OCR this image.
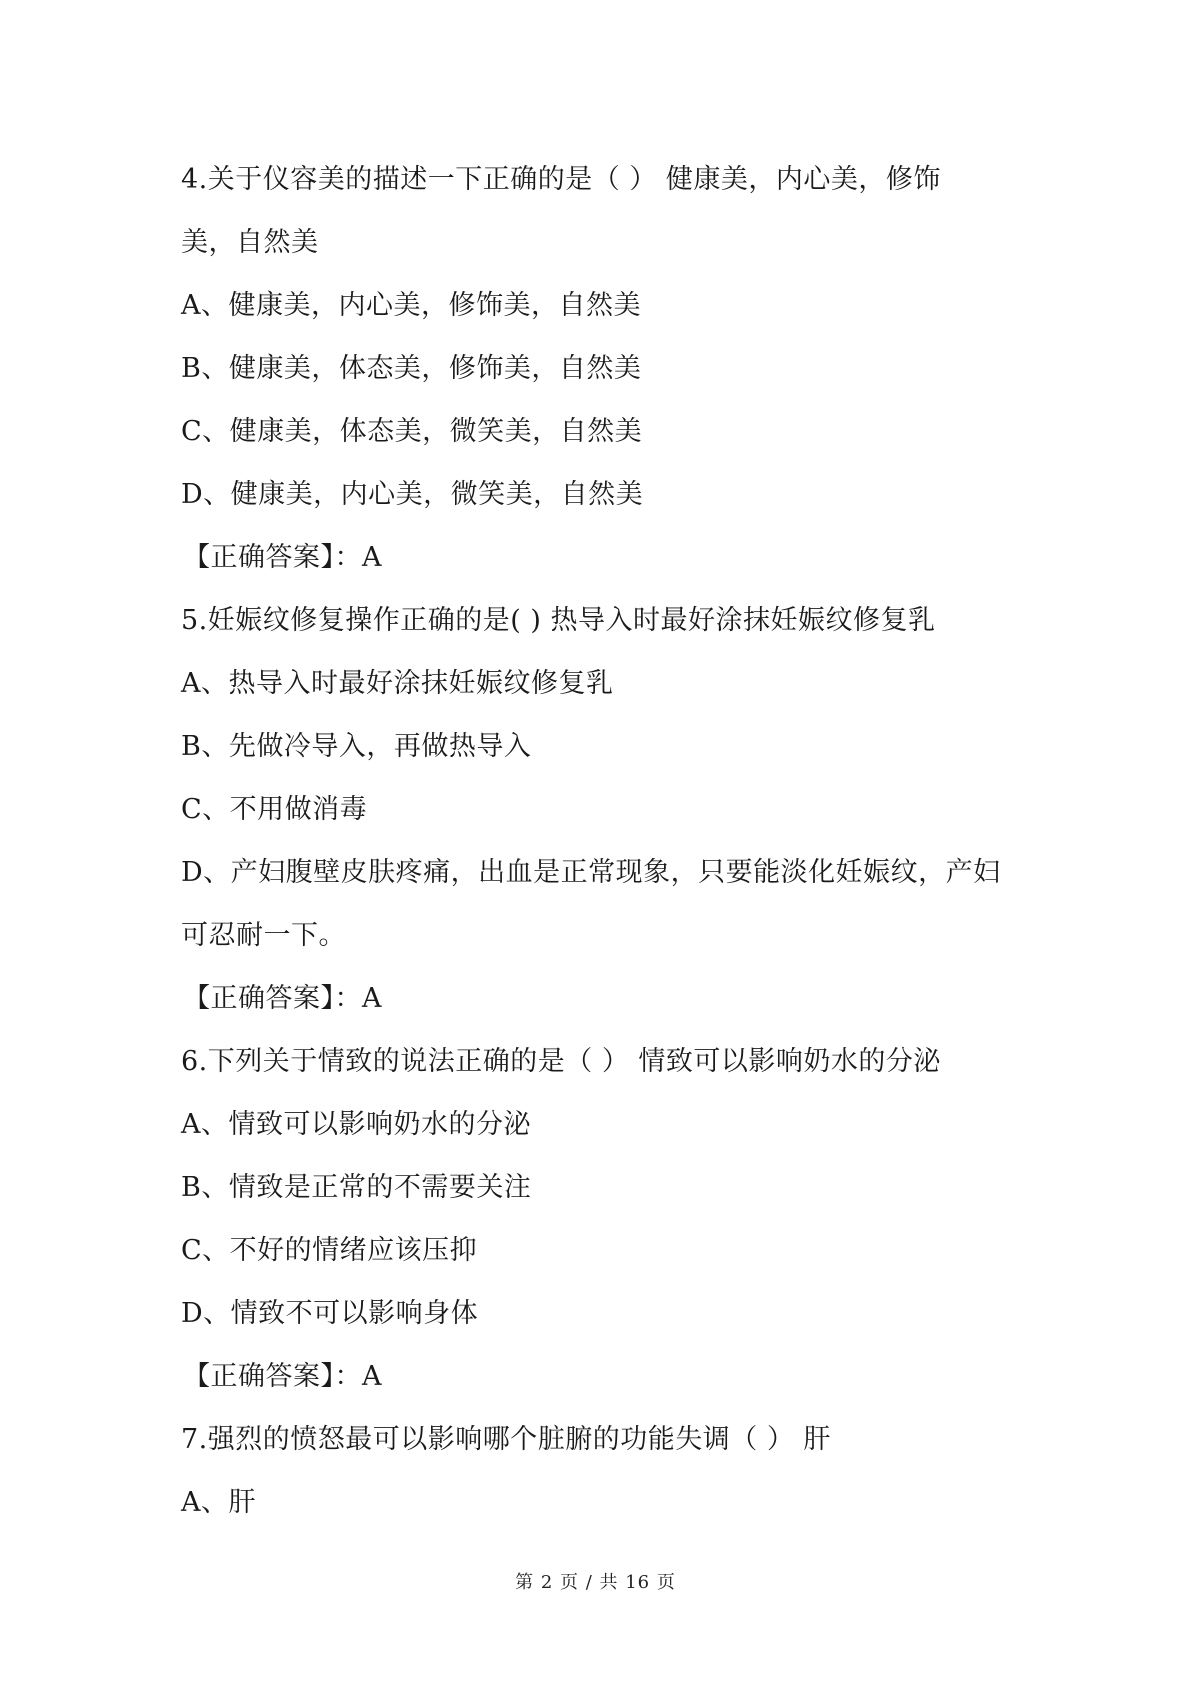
4.关于仪容美的描述一下正确的是（ ） 健康美，内心美，修饰
美，自然美
A、健康美，内心美，修饰美，自然美
B、健康美，体态美，修饰美，自然美
C、健康美，体态美，微笑美，自然美
D、健康美，内心美，微笑美，自然美
【正确答案】：A
5.妊娠纹修复操作正确的是( ) 热导入时最好涂抹妊娠纹修复乳
A、热导入时最好涂抹妊娠纹修复乳
B、先做冷导入，再做热导入
C、不用做消毒
D、产妇腹壁皮肤疼痛，出血是正常现象，只要能淡化妊娠纹，产妇
可忍耐一下。
【正确答案】：A
6.下列关于情致的说法正确的是（ ） 情致可以影响奶水的分泌
A、情致可以影响奶水的分泌
B、情致是正常的不需要关注
C、不好的情绪应该压抑
D、情致不可以影响身体
【正确答案】：A
7.强烈的愤怒最可以影响哪个脏腑的功能失调（ ） 肝
A、肝
第 2 页 / 共 16 页
